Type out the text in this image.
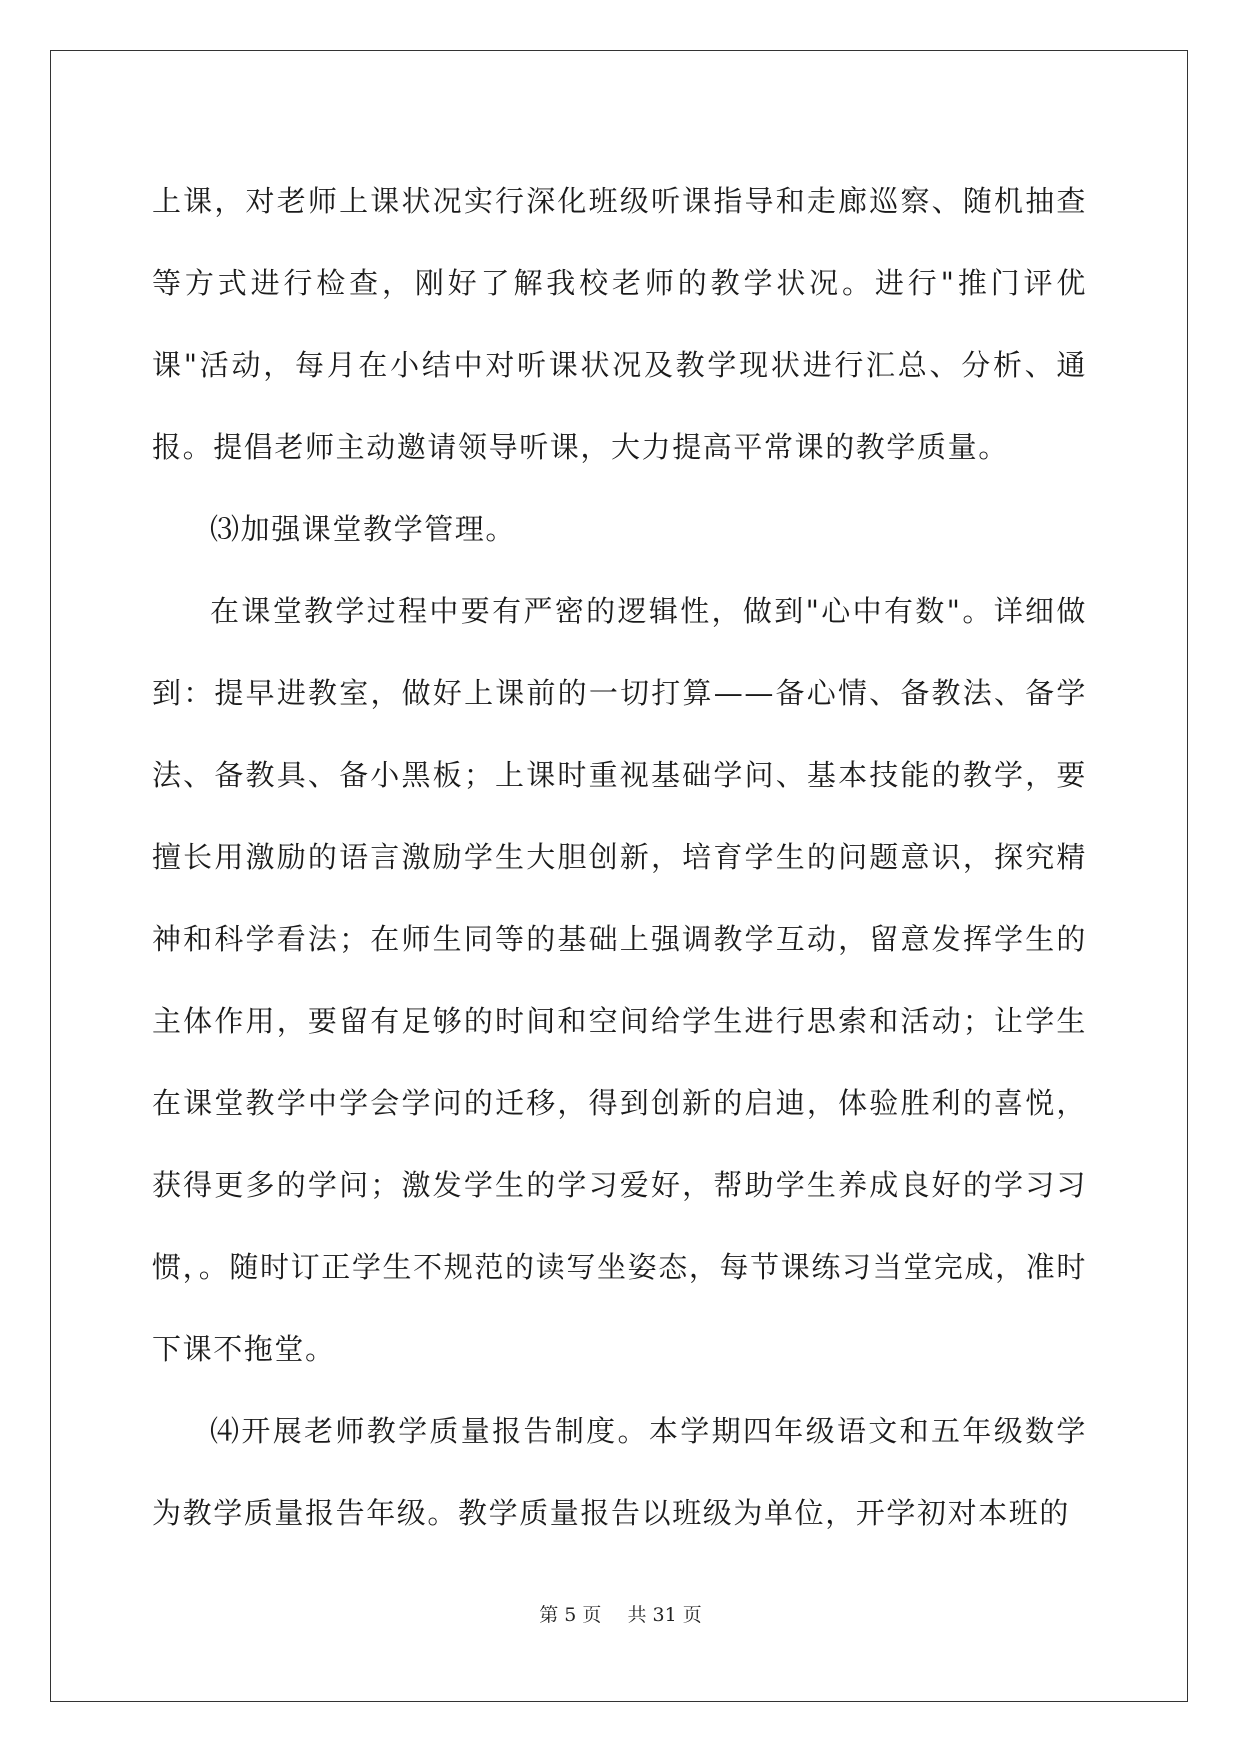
上课，对老师上课状况实行深化班级听课指导和走廊巡察、随机抽查等方式进行检查，刚好了解我校老师的教学状况。进行"推门评优课"活动，每月在小结中对听课状况及教学现状进行汇总、分析、通报。提倡老师主动邀请领导听课，大力提高平常课的教学质量。

⑶加强课堂教学管理。

在课堂教学过程中要有严密的逻辑性，做到"心中有数"。详细做到：提早进教室，做好上课前的一切打算——备心情、备教法、备学法、备教具、备小黑板；上课时重视基础学问、基本技能的教学，要擅长用激励的语言激励学生大胆创新，培育学生的问题意识，探究精神和科学看法；在师生同等的基础上强调教学互动，留意发挥学生的主体作用，要留有足够的时间和空间给学生进行思索和活动；让学生在课堂教学中学会学问的迁移，得到创新的启迪，体验胜利的喜悦，获得更多的学问；激发学生的学习爱好，帮助学生养成良好的学习习惯，。随时订正学生不规范的读写坐姿态，每节课练习当堂完成，准时下课不拖堂。

⑷开展老师教学质量报告制度。本学期四年级语文和五年级数学为教学质量报告年级。教学质量报告以班级为单位，开学初对本班的

第 5 页 共 31 页
